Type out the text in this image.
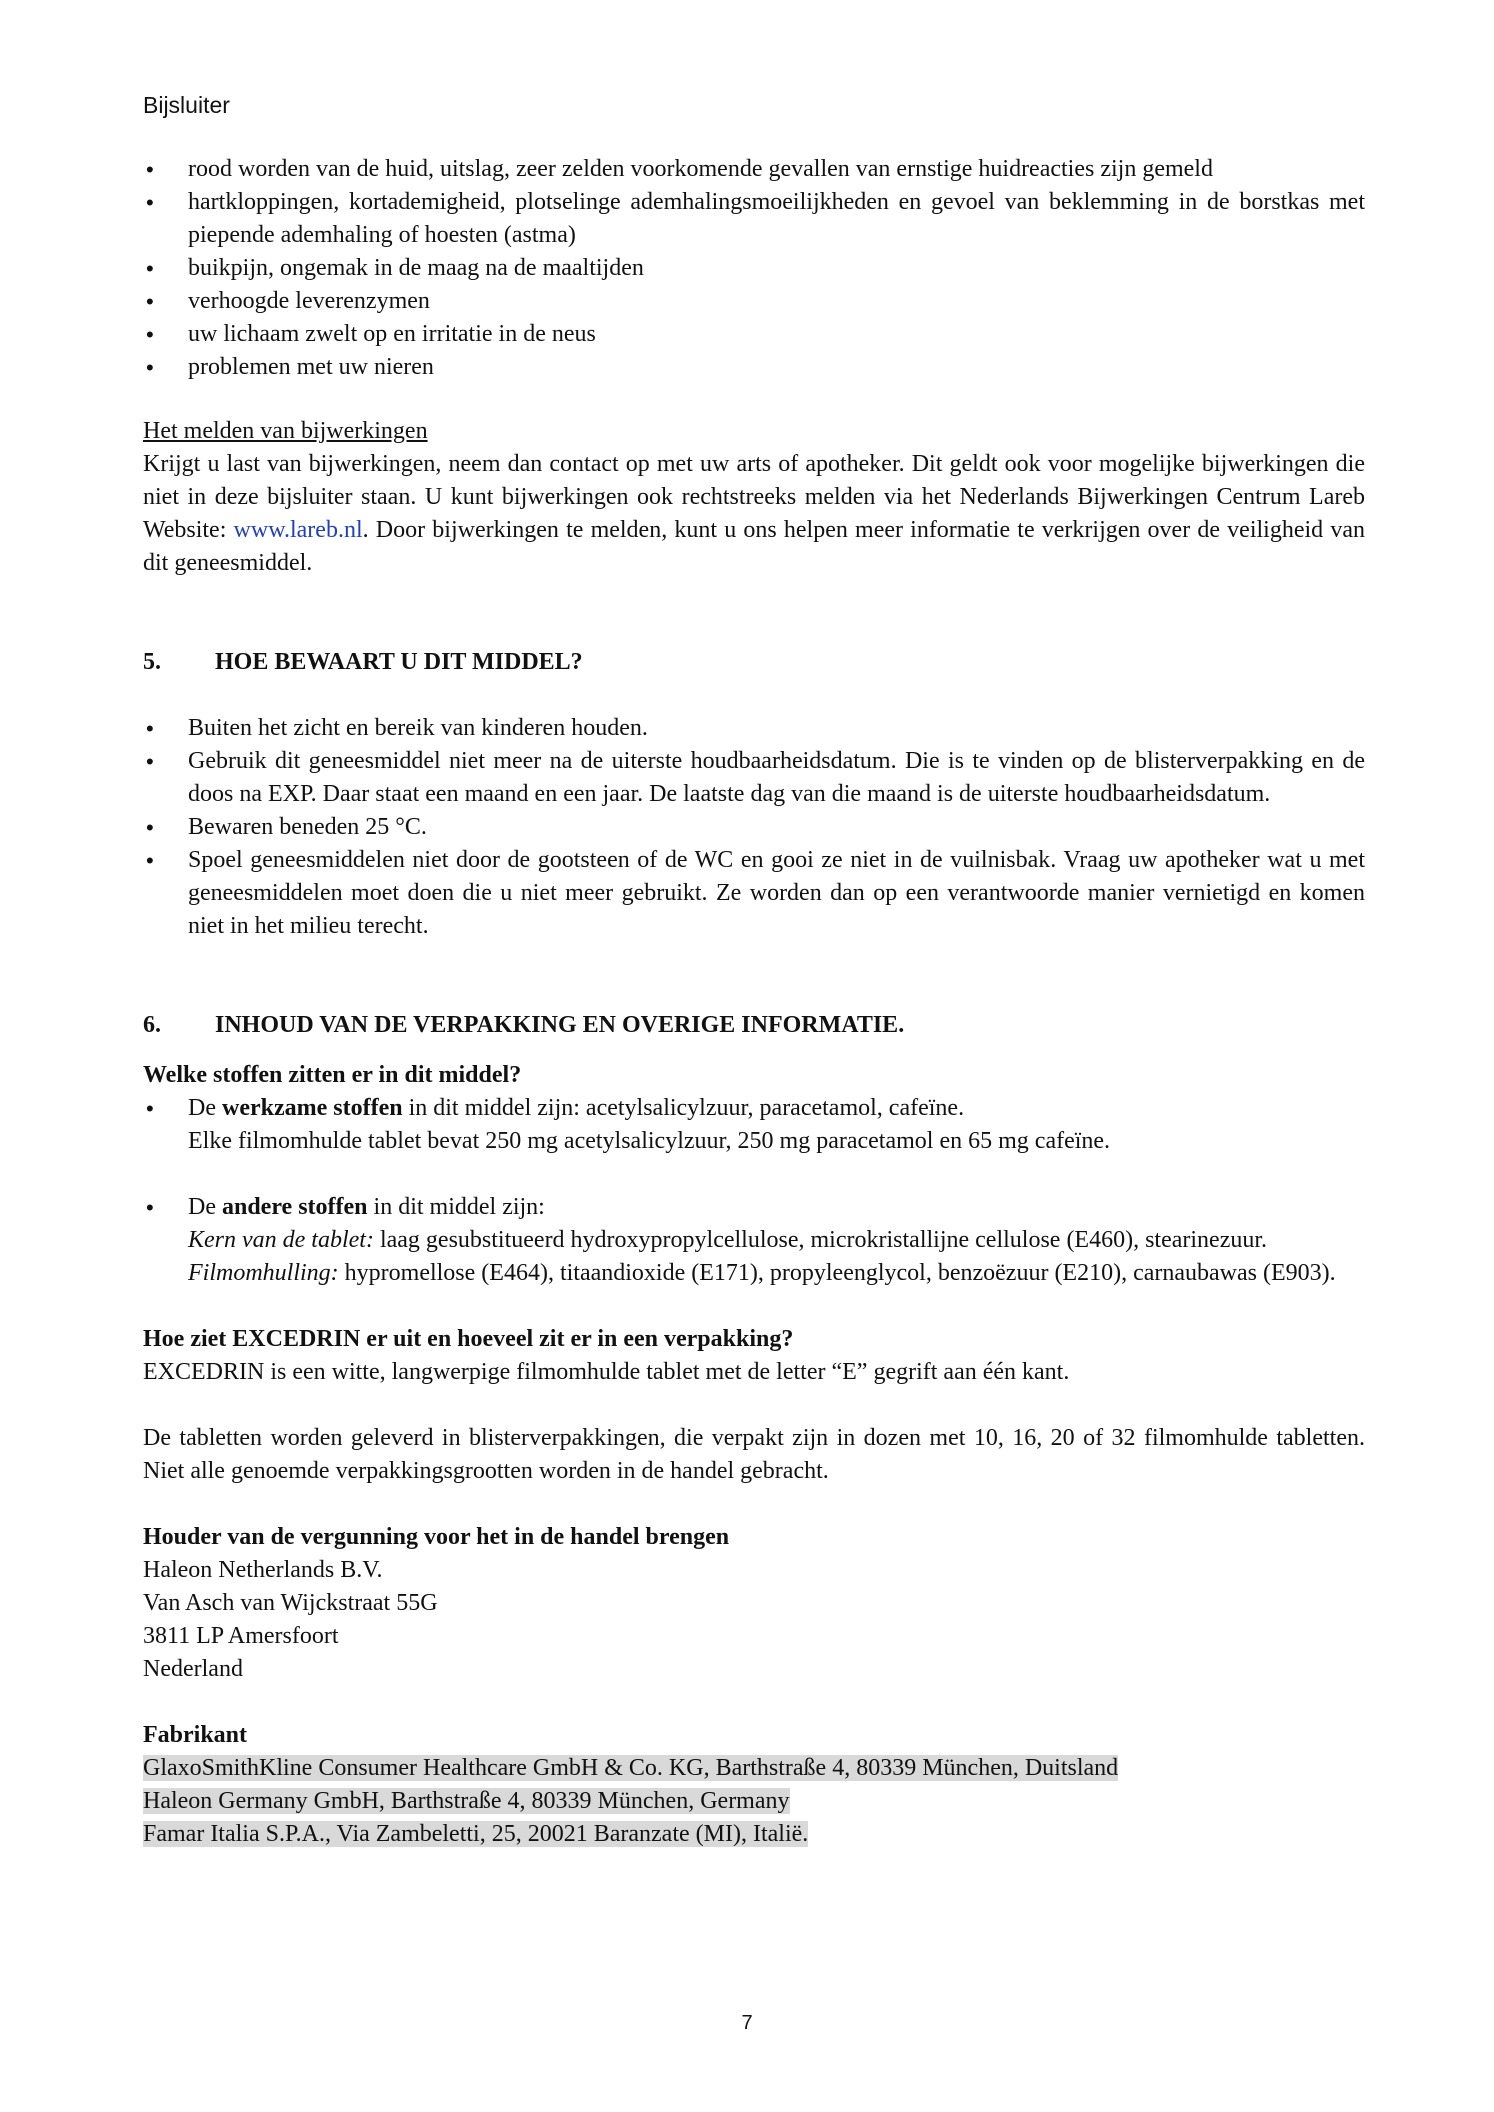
Bijsluiter
• rood worden van de huid, uitslag, zeer zelden voorkomende gevallen van ernstige huidreacties zijn gemeld
• hartkloppingen, kortademigheid, plotselinge ademhalingsmoeilijkheden en gevoel van beklemming in de borstkas met piepende ademhaling of hoesten (astma)
• buikpijn, ongemak in de maag na de maaltijden
• verhoogde leverenzymen
• uw lichaam zwelt op en irritatie in de neus
• problemen met uw nieren

Het melden van bijwerkingen

Krijgt u last van bijwerkingen, neem dan contact op met uw arts of apotheker. Dit geldt ook voor mogelijke bijwerkingen die niet in deze bijsluiter staan. U kunt bijwerkingen ook rechtstreeks melden via het Nederlands Bijwerkingen Centrum Lareb Website: www.lareb.nl. Door bijwerkingen te melden, kunt u ons helpen meer informatie te verkrijgen over de veiligheid van dit geneesmiddel.

5.	HOE BEWAART U DIT MIDDEL?
• Buiten het zicht en bereik van kinderen houden.
• Gebruik dit geneesmiddel niet meer na de uiterste houdbaarheidsdatum. Die is te vinden op de blisterverpakking en de doos na EXP. Daar staat een maand en een jaar. De laatste dag van die maand is de uiterste houdbaarheidsdatum.
• Bewaren beneden 25 °C.
• Spoel geneesmiddelen niet door de gootsteen of de WC en gooi ze niet in de vuilnisbak. Vraag uw apotheker wat u met geneesmiddelen moet doen die u niet meer gebruikt. Ze worden dan op een verantwoorde manier vernietigd en komen niet in het milieu terecht.
6.	INHOUD VAN DE VERPAKKING EN OVERIGE INFORMATIE.

Welke stoffen zitten er in dit middel?

• De werkzame stoffen in dit middel zijn: acetylsalicylzuur, paracetamol, cafeïne.
Elke filmomhulde tablet bevat 250 mg acetylsalicylzuur, 250 mg paracetamol en 65 mg cafeïne.
• De andere stoffen in dit middel zijn:

Kern van de tablet: laag gesubstitueerd hydroxypropylcellulose, microkristallijne cellulose (E460), stearinezuur.
Filmomhulling: hypromellose (E464), titaandioxide (E171), propyleenglycol, benzoëzuur (E210), carnaubawas (E903).

Hoe ziet EXCEDRIN er uit en hoeveel zit er in een verpakking?

EXCEDRIN is een witte, langwerpige filmomhulde tablet met de letter “E” gegrift aan één kant.

De tabletten worden geleverd in blisterverpakkingen, die verpakt zijn in dozen met 10, 16, 20 of 32 filmomhulde tabletten. Niet alle genoemde verpakkingsgrootten worden in de handel gebracht.

Houder van de vergunning voor het in de handel brengen

Haleon Netherlands B.V.

Van Asch van Wijckstraat 55G

3811 LP Amersfoort

Nederland

Fabrikant

GlaxoSmithKline Consumer Healthcare GmbH & Co. KG, Barthstraße 4, 80339 München, Duitsland

Haleon Germany GmbH, Barthstraße 4, 80339 München, Germany

Famar Italia S.P.A., Via Zambeletti, 25, 20021 Baranzate (MI), Italië.

7
